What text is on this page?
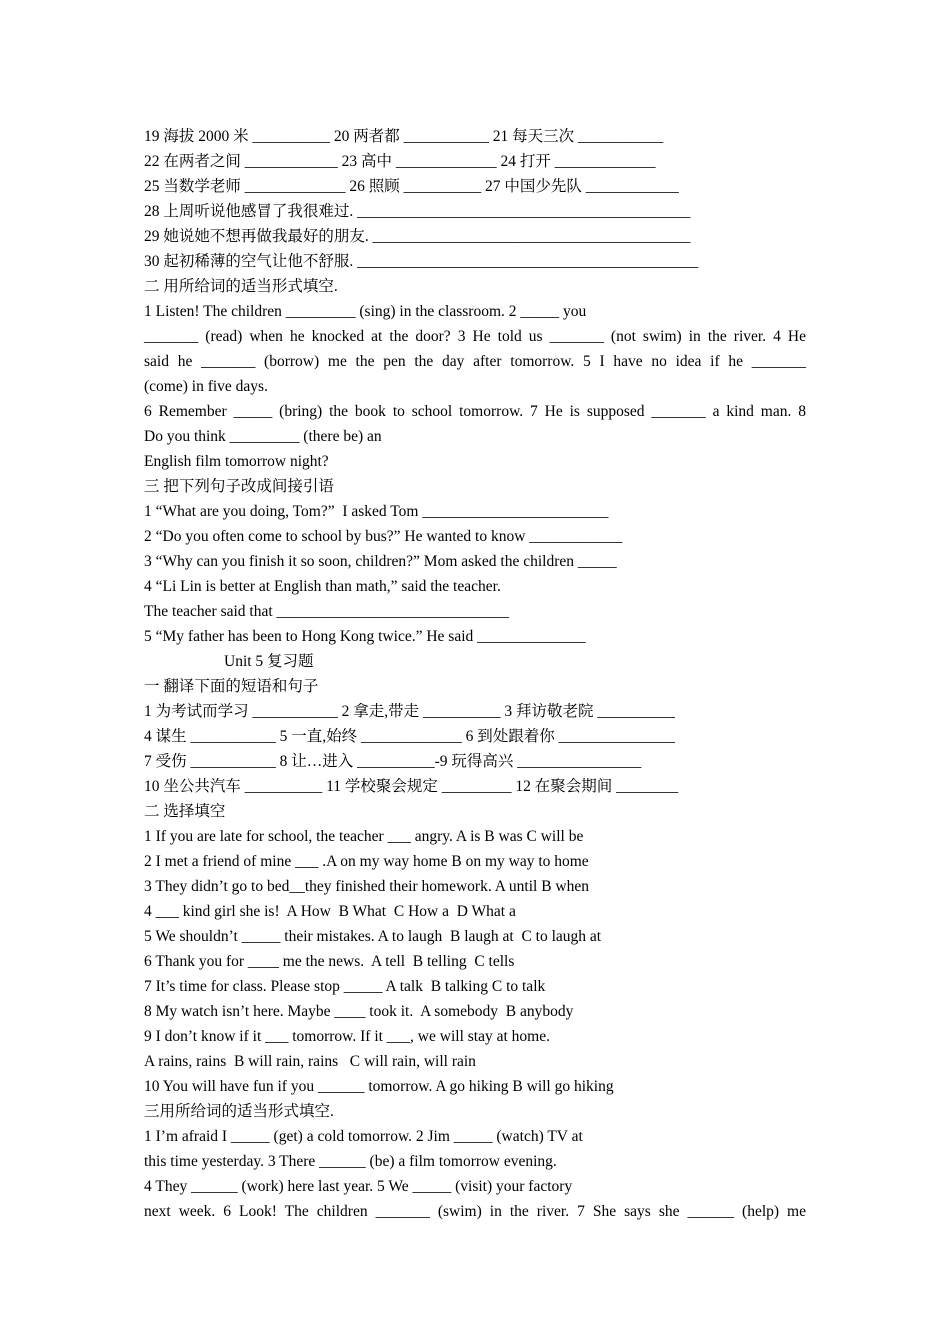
19 海拔 2000 米 __________ 20 两者都 ___________ 21 每天三次 ___________
22 在两者之间 ____________ 23 高中 _____________ 24 打开 _____________
25 当数学老师 _____________ 26 照顾 __________ 27 中国少先队 ____________
28 上周听说他感冒了我很难过. ___________________________________________
29 她说她不想再做我最好的朋友. _________________________________________
30 起初稀薄的空气让他不舒服. ____________________________________________
二 用所给词的适当形式填空.
1 Listen! The children _________ (sing) in the classroom. 2 _____ you
_______ (read) when he knocked at the door? 3 He told us _______ (not swim) in the river. 4 He
said he _______ (borrow) me the pen the day after tomorrow. 5 I have no idea if he _______
(come) in five days.
6 Remember _____ (bring) the book to school tomorrow. 7 He is supposed _______ a kind man. 8
Do you think _________ (there be) an
English film tomorrow night?
三 把下列句子改成间接引语
1 “What are you doing, Tom?”  I asked Tom ________________________
2 “Do you often come to school by bus?” He wanted to know ____________
3 “Why can you finish it so soon, children?” Mom asked the children _____
4 “Li Lin is better at English than math,” said the teacher.
The teacher said that ______________________________
5 “My father has been to Hong Kong twice.” He said ______________
Unit 5 复习题
一 翻译下面的短语和句子
1 为考试而学习 ___________ 2 拿走,带走 __________ 3 拜访敬老院 __________
4 谋生 ___________ 5 一直,始终 _____________ 6 到处跟着你 _______________
7 受伤 ___________ 8 让…进入 __________-9 玩得高兴 ________________
10 坐公共汽车 __________ 11 学校聚会规定 _________ 12 在聚会期间 ________
二 选择填空
1 If you are late for school, the teacher ___ angry. A is B was C will be
2 I met a friend of mine ___ .A on my way home B on my way to home
3 They didn’t go to bed__they finished their homework. A until B when
4 ___ kind girl she is!  A How  B What  C How a  D What a
5 We shouldn’t _____ their mistakes. A to laugh  B laugh at  C to laugh at
6 Thank you for ____ me the news.  A tell  B telling  C tells
7 It’s time for class. Please stop _____ A talk  B talking C to talk
8 My watch isn’t here. Maybe ____ took it.  A somebody  B anybody
9 I don’t know if it ___ tomorrow. If it ___, we will stay at home.
A rains, rains  B will rain, rains   C will rain, will rain
10 You will have fun if you ______ tomorrow. A go hiking B will go hiking
三用所给词的适当形式填空.
1 I’m afraid I _____ (get) a cold tomorrow. 2 Jim _____ (watch) TV at
this time yesterday. 3 There ______ (be) a film tomorrow evening.
4 They ______ (work) here last year. 5 We _____ (visit) your factory
next week. 6 Look! The children _______ (swim) in the river. 7 She says she ______ (help) me
